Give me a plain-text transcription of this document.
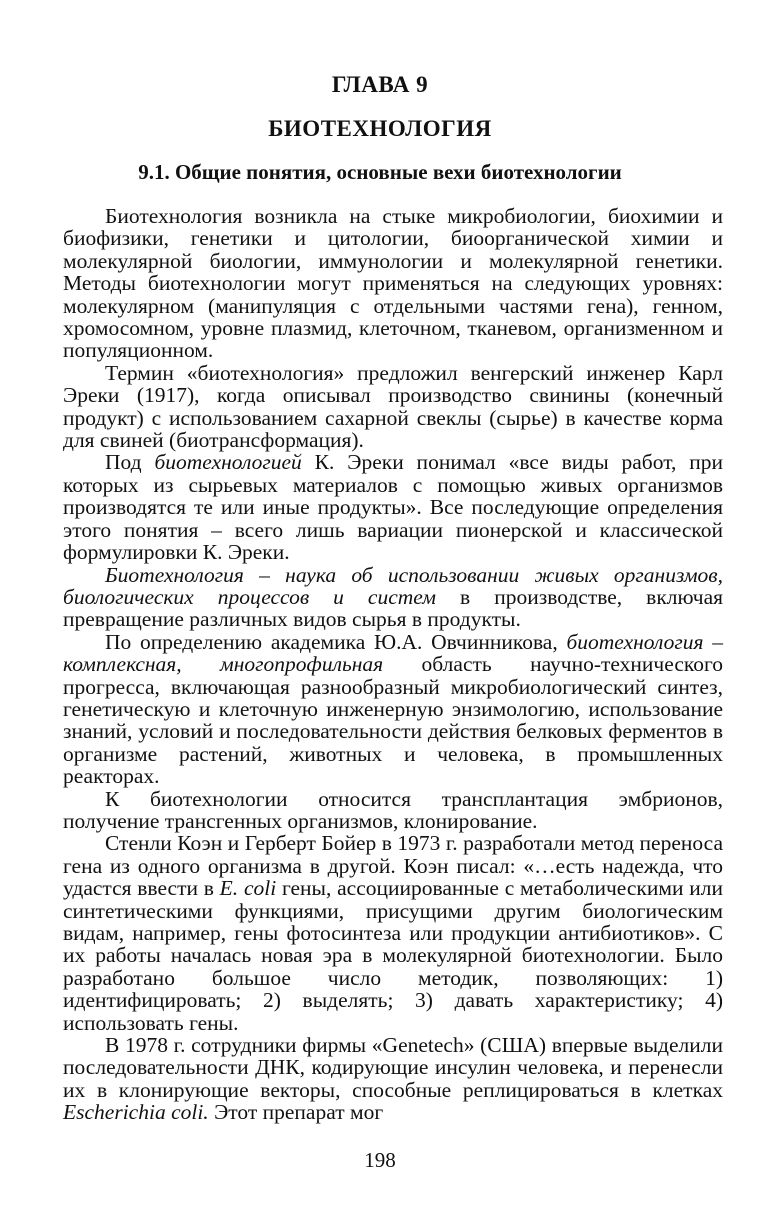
ГЛАВА 9
БИОТЕХНОЛОГИЯ
9.1. Общие понятия, основные вехи биотехнологии

Биотехнология возникла на стыке микробиологии, биохимии и биофизики, генетики и цитологии, биоорганической химии и молекулярной биологии, иммунологии и молекулярной генетики. Методы биотехнологии могут применяться на следующих уровнях: молекулярном (манипуляция с отдельными частями гена), генном, хромосомном, уровне плазмид, клеточном, тканевом, организменном и популяционном.

Термин «биотехнология» предложил венгерский инженер Карл Эреки (1917), когда описывал производство свинины (конечный продукт) с использованием сахарной свеклы (сырье) в качестве корма для свиней (биотрансформация).

Под биотехнологией К. Эреки понимал «все виды работ, при которых из сырьевых материалов с помощью живых организмов производятся те или иные продукты». Все последующие определения этого понятия – всего лишь вариации пионерской и классической формулировки К. Эреки.

Биотехнология – наука об использовании живых организмов, биологических процессов и систем в производстве, включая превращение различных видов сырья в продукты.

По определению академика Ю.А. Овчинникова, биотехнология – комплексная, многопрофильная область научно-технического прогресса, включающая разнообразный микробиологический синтез, генетическую и клеточную инженерную энзимологию, использование знаний, условий и последовательности действия белковых ферментов в организме растений, животных и человека, в промышленных реакторах.

К биотехнологии относится трансплантация эмбрионов, получение трансгенных организмов, клонирование.

Стенли Коэн и Герберт Бойер в 1973 г. разработали метод переноса гена из одного организма в другой. Коэн писал: «…есть надежда, что удастся ввести в E. coli гены, ассоциированные с метаболическими или синтетическими функциями, присущими другим биологическим видам, например, гены фотосинтеза или продукции антибиотиков». С их работы началась новая эра в молекулярной биотехнологии. Было разработано большое число методик, позволяющих: 1) идентифицировать; 2) выделять; 3) давать характеристику; 4) использовать гены.

В 1978 г. сотрудники фирмы «Genetech» (США) впервые выделили последовательности ДНК, кодирующие инсулин человека, и перенесли их в клонирующие векторы, способные реплицироваться в клетках Escherichia coli. Этот препарат мог

198
